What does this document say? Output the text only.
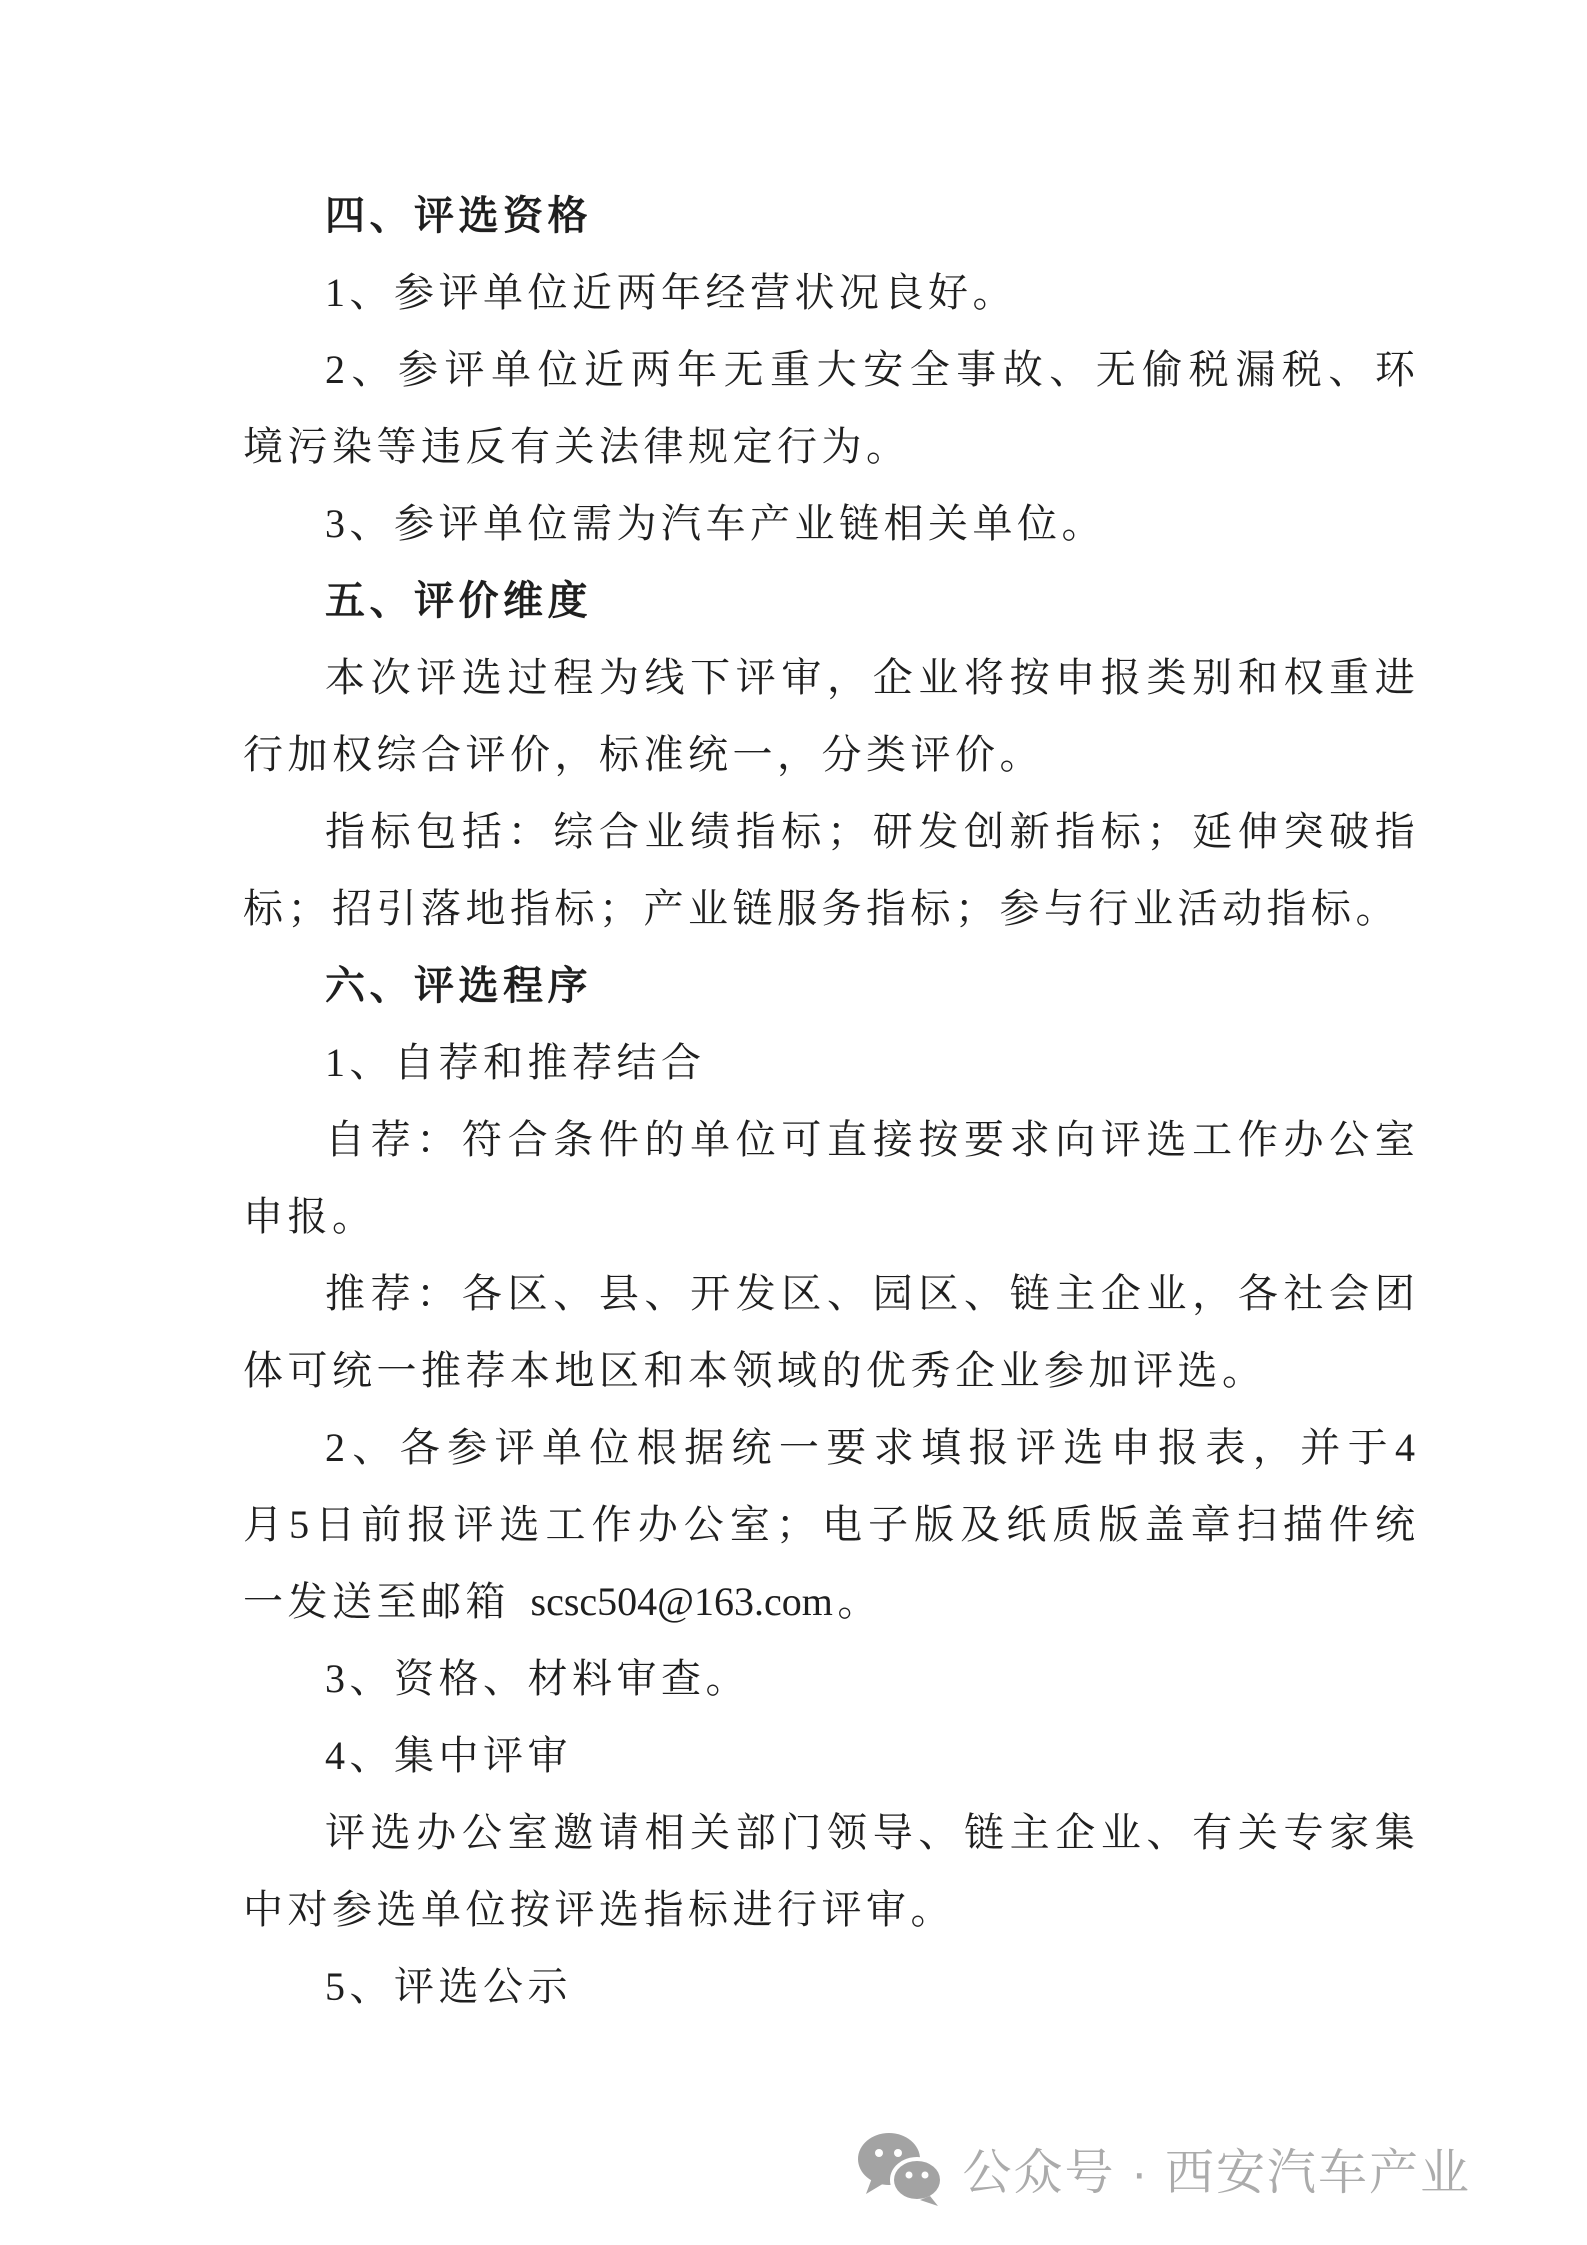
四 、 评 选 资 格
1 、 参 评 单 位 近 两 年 经 营 状 况 良 好 。
2 、 参 评 单 位 近 两 年 无 重 大 安 全 事 故 、 无 偷 税 漏 税 、 环
境 污 染 等 违 反 有 关 法 律 规 定 行 为 。
3 、 参 评 单 位 需 为 汽 车 产 业 链 相 关 单 位 。
五 、 评 价 维 度
本 次 评 选 过 程 为 线 下 评 审 ， 企 业 将 按 申 报 类 别 和 权 重 进
行 加 权 综 合 评 价 ， 标 准 统 一 ， 分 类 评 价 。
指 标 包 括 ： 综 合 业 绩 指 标 ； 研 发 创 新 指 标 ； 延 伸 突 破 指
标 ； 招 引 落 地 指 标 ； 产 业 链 服 务 指 标 ； 参 与 行 业 活 动 指 标 。
六 、 评 选 程 序
1 、 自 荐 和 推 荐 结 合
自 荐 ： 符 合 条 件 的 单 位 可 直 接 按 要 求 向 评 选 工 作 办 公 室
申 报 。
推 荐 ： 各 区 、 县 、 开 发 区 、 园 区 、 链 主 企 业 ， 各 社 会 团
体 可 统 一 推 荐 本 地 区 和 本 领 域 的 优 秀 企 业 参 加 评 选 。
2 、 各 参 评 单 位 根 据 统 一 要 求 填 报 评 选 申 报 表 ， 并 于 4
月 5 日 前 报 评 选 工 作 办 公 室 ； 电 子 版 及 纸 质 版 盖 章 扫 描 件 统
一 发 送 至 邮 箱 scsc504@163.com 。
3 、 资 格 、 材 料 审 查 。
4 、 集 中 评 审
评 选 办 公 室 邀 请 相 关 部 门 领 导 、 链 主 企 业 、 有 关 专 家 集
中 对 参 选 单 位 按 评 选 指 标 进 行 评 审 。
5 、 评 选 公 示
公众号 · 西安汽车产业
